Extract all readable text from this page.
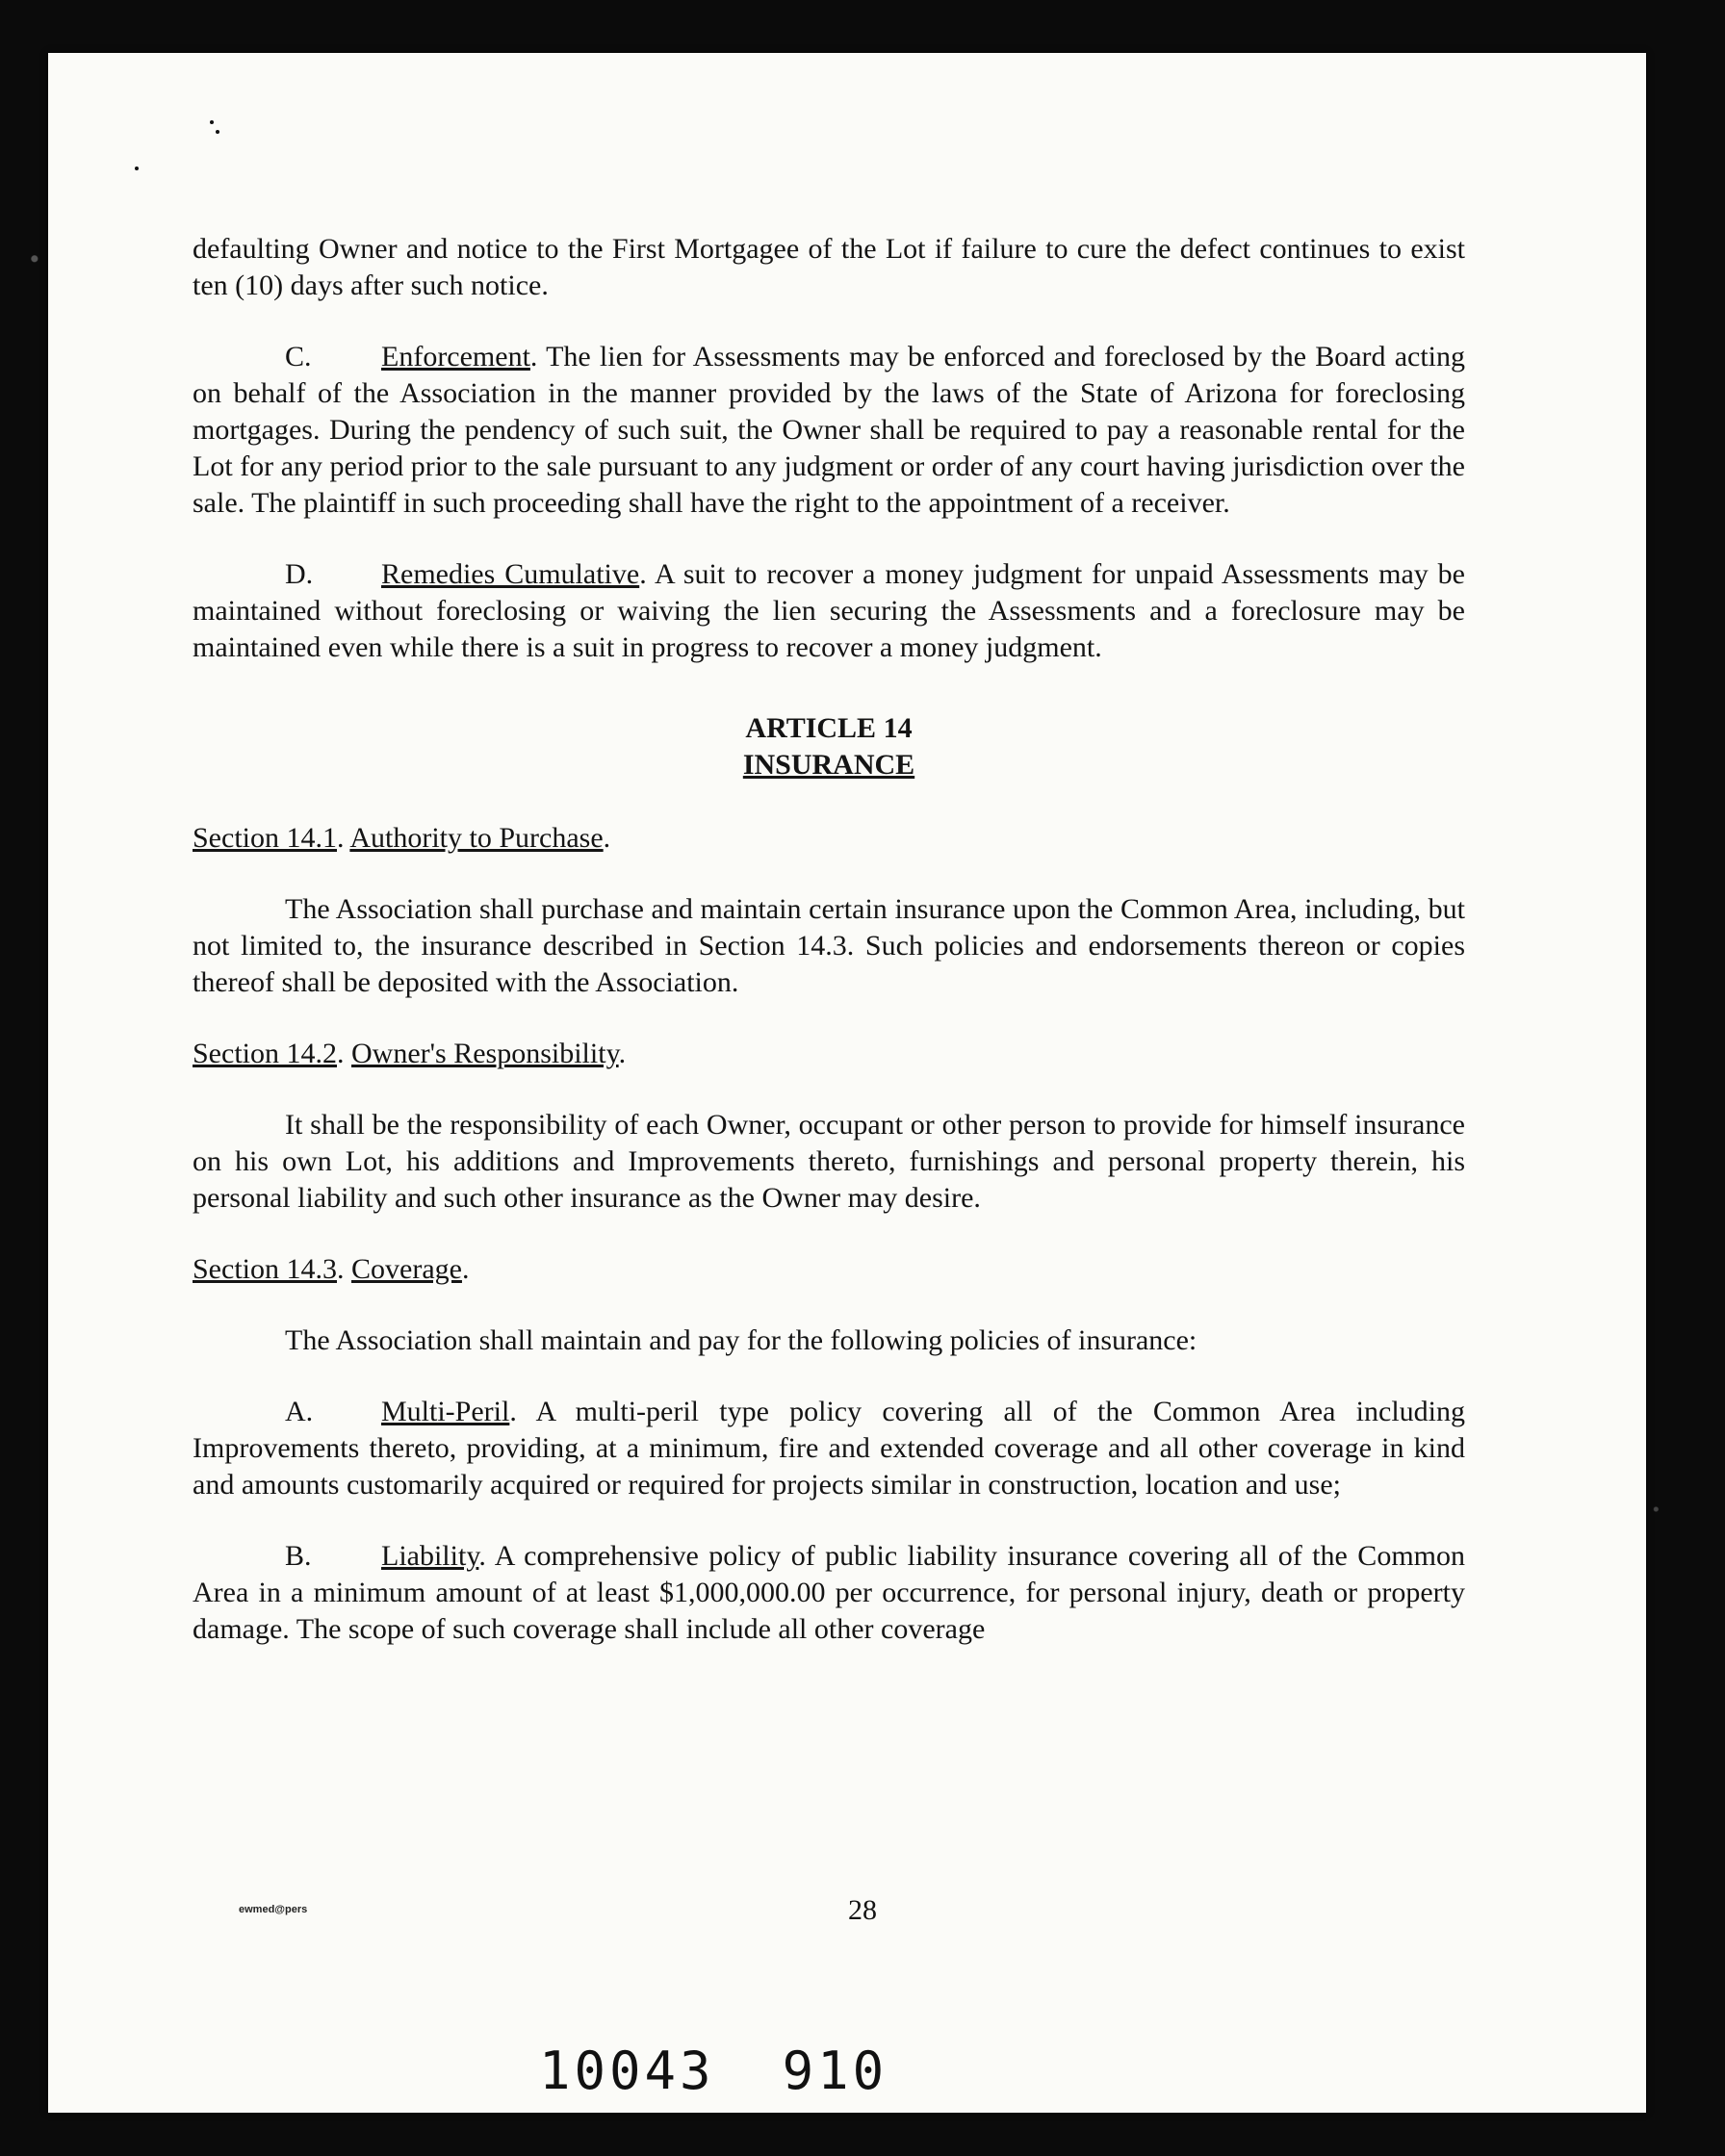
defaulting Owner and notice to the First Mortgagee of the Lot if failure to cure the defect continues to exist ten (10) days after such notice.

C. Enforcement. The lien for Assessments may be enforced and foreclosed by the Board acting on behalf of the Association in the manner provided by the laws of the State of Arizona for foreclosing mortgages. During the pendency of such suit, the Owner shall be required to pay a reasonable rental for the Lot for any period prior to the sale pursuant to any judgment or order of any court having jurisdiction over the sale. The plaintiff in such proceeding shall have the right to the appointment of a receiver.

D. Remedies Cumulative. A suit to recover a money judgment for unpaid Assessments may be maintained without foreclosing or waiving the lien securing the Assessments and a foreclosure may be maintained even while there is a suit in progress to recover a money judgment.

ARTICLE 14

INSURANCE

Section 14.1. Authority to Purchase.

The Association shall purchase and maintain certain insurance upon the Common Area, including, but not limited to, the insurance described in Section 14.3. Such policies and endorsements thereon or copies thereof shall be deposited with the Association.

Section 14.2. Owner's Responsibility.

It shall be the responsibility of each Owner, occupant or other person to provide for himself insurance on his own Lot, his additions and Improvements thereto, furnishings and personal property therein, his personal liability and such other insurance as the Owner may desire.

Section 14.3. Coverage.

The Association shall maintain and pay for the following policies of insurance:

A. Multi-Peril. A multi-peril type policy covering all of the Common Area including Improvements thereto, providing, at a minimum, fire and extended coverage and all other coverage in kind and amounts customarily acquired or required for projects similar in construction, location and use;

B. Liability. A comprehensive policy of public liability insurance covering all of the Common Area in a minimum amount of at least $1,000,000.00 per occurrence, for personal injury, death or property damage. The scope of such coverage shall include all other coverage

ewmed@pers	28
10043 910
